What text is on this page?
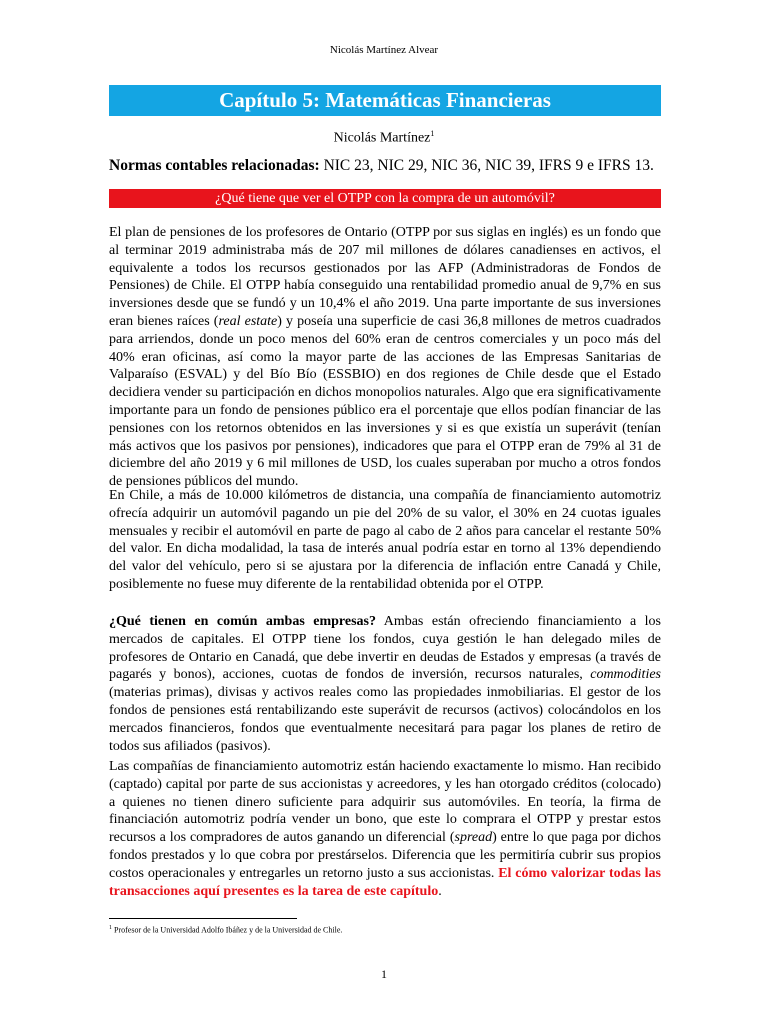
Nicolás Martínez Alvear
Capítulo 5: Matemáticas Financieras
Nicolás Martínez$^1$
Normas contables relacionadas: NIC 23, NIC 29, NIC 36, NIC 39, IFRS 9 e IFRS 13.
¿Qué tiene que ver el OTPP con la compra de un automóvil?

El plan de pensiones de los profesores de Ontario (OTPP por sus siglas en inglés) es un fondo que al terminar 2019 administraba más de 207 mil millones de dólares canadienses en activos, el equivalente a todos los recursos gestionados por las AFP (Administradoras de Fondos de Pensiones) de Chile. El OTPP había conseguido una rentabilidad promedio anual de 9,7% en sus inversiones desde que se fundó y un 10,4% el año 2019. Una parte importante de sus inversiones eran bienes raíces (real estate) y poseía una superficie de casi 36,8 millones de metros cuadrados para arriendos, donde un poco menos del 60% eran de centros comerciales y un poco más del 40% eran oficinas, así como la mayor parte de las acciones de las Empresas Sanitarias de Valparaíso (ESVAL) y del Bío Bío (ESSBIO) en dos regiones de Chile desde que el Estado decidiera vender su participación en dichos monopolios naturales. Algo que era significativamente importante para un fondo de pensiones público era el porcentaje que ellos podían financiar de las pensiones con los retornos obtenidos en las inversiones y si es que existía un superávit (tenían más activos que los pasivos por pensiones), indicadores que para el OTPP eran de 79% al 31 de diciembre del año 2019 y 6 mil millones de USD, los cuales superaban por mucho a otros fondos de pensiones públicos del mundo.

En Chile, a más de 10.000 kilómetros de distancia, una compañía de financiamiento automotriz ofrecía adquirir un automóvil pagando un pie del 20% de su valor, el 30% en 24 cuotas iguales mensuales y recibir el automóvil en parte de pago al cabo de 2 años para cancelar el restante 50% del valor. En dicha modalidad, la tasa de interés anual podría estar en torno al 13% dependiendo del valor del vehículo, pero si se ajustara por la diferencia de inflación entre Canadá y Chile, posiblemente no fuese muy diferente de la rentabilidad obtenida por el OTPP.

¿Qué tienen en común ambas empresas? Ambas están ofreciendo financiamiento a los mercados de capitales. El OTPP tiene los fondos, cuya gestión le han delegado miles de profesores de Ontario en Canadá, que debe invertir en deudas de Estados y empresas (a través de pagarés y bonos), acciones, cuotas de fondos de inversión, recursos naturales, commodities (materias primas), divisas y activos reales como las propiedades inmobiliarias. El gestor de los fondos de pensiones está rentabilizando este superávit de recursos (activos) colocándolos en los mercados financieros, fondos que eventualmente necesitará para pagar los planes de retiro de todos sus afiliados (pasivos).

Las compañías de financiamiento automotriz están haciendo exactamente lo mismo. Han recibido (captado) capital por parte de sus accionistas y acreedores, y les han otorgado créditos (colocado) a quienes no tienen dinero suficiente para adquirir sus automóviles. En teoría, la firma de financiación automotriz podría vender un bono, que este lo comprara el OTPP y prestar estos recursos a los compradores de autos ganando un diferencial (spread) entre lo que paga por dichos fondos prestados y lo que cobra por prestárselos. Diferencia que les permitiría cubrir sus propios costos operacionales y entregarles un retorno justo a sus accionistas. El cómo valorizar todas las transacciones aquí presentes es la tarea de este capítulo.

$^1$ Profesor de la Universidad Adolfo Ibáñez y de la Universidad de Chile.
1
